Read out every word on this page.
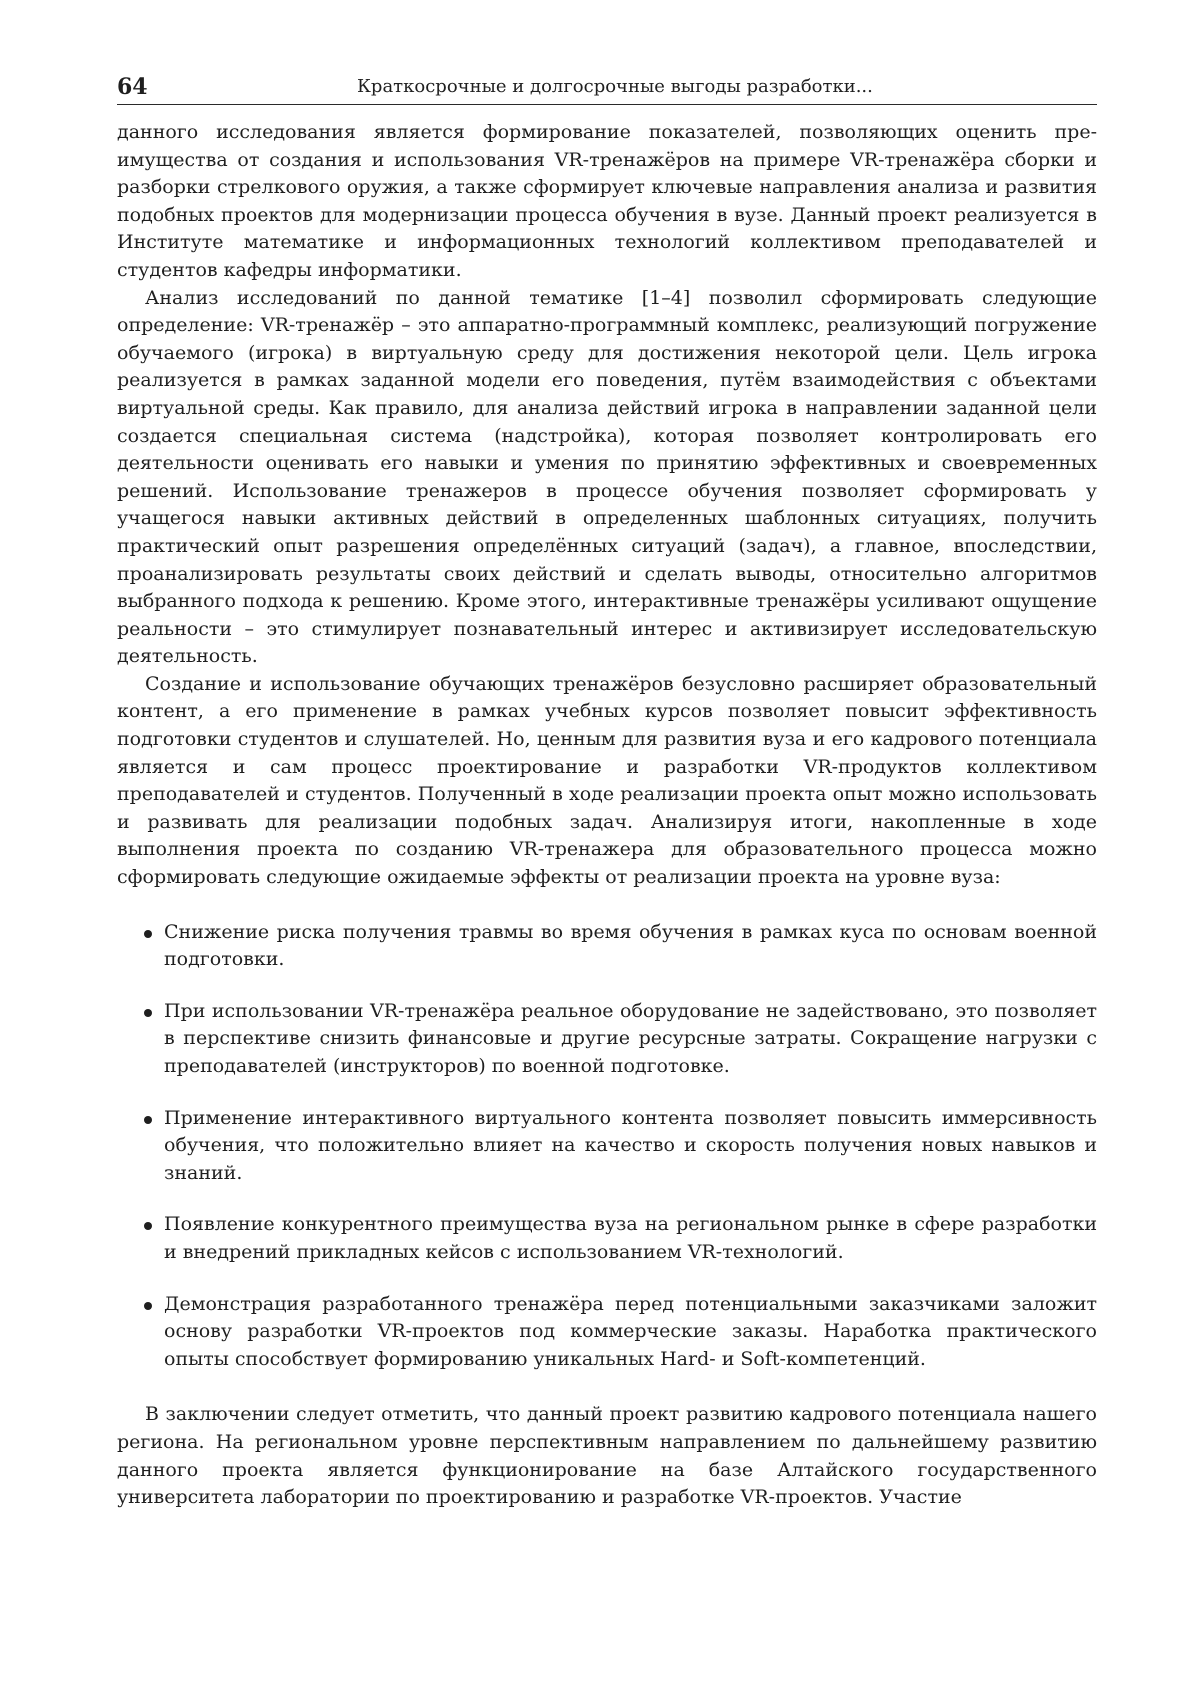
64	Краткосрочные и долгосрочные выгоды разработки...

данного исследования является формирование показателей, позволяющих оценить преимущества от создания и использования VR-тренажёров на примере VR-тренажёра сборки и разборки стрелкового оружия, а также сформирует ключевые направления анализа и развития подобных проектов для модернизации процесса обучения в вузе. Данный проект реализуется в Институте математике и информационных технологий коллективом преподавателей и студентов кафедры информатики.

Анализ исследований по данной тематике [1–4] позволил сформировать следующие определение: VR-тренажёр – это аппаратно-программный комплекс, реализующий погружение обучаемого (игрока) в виртуальную среду для достижения некоторой цели. Цель игрока реализуется в рамках заданной модели его поведения, путём взаимодействия с объектами виртуальной среды. Как правило, для анализа действий игрока в направлении заданной цели создается специальная система (надстройка), которая позволяет контролировать его деятельности оценивать его навыки и умения по принятию эффективных и своевременных решений. Использование тренажеров в процессе обучения позволяет сформировать у учащегося навыки активных действий в определенных шаблонных ситуациях, получить практический опыт разрешения определённых ситуаций (задач), а главное, впоследствии, проанализировать результаты своих действий и сделать выводы, относительно алгоритмов выбранного подхода к решению. Кроме этого, интерактивные тренажёры усиливают ощущение реальности – это стимулирует познавательный интерес и активизирует исследовательскую деятельность.

Создание и использование обучающих тренажёров безусловно расширяет образовательный контент, а его применение в рамках учебных курсов позволяет повысит эффективность подготовки студентов и слушателей. Но, ценным для развития вуза и его кадрового потенциала является и сам процесс проектирование и разработки VR-продуктов коллективом преподавателей и студентов. Полученный в ходе реализации проекта опыт можно использовать и развивать для реализации подобных задач. Анализируя итоги, накопленные в ходе выполнения проекта по созданию VR-тренажера для образовательного процесса можно сформировать следующие ожидаемые эффекты от реализации проекта на уровне вуза:

Снижение риска получения травмы во время обучения в рамках куса по основам военной подготовки.
При использовании VR-тренажёра реальное оборудование не задействовано, это позволяет в перспективе снизить финансовые и другие ресурсные затраты. Сокращение нагрузки с преподавателей (инструкторов) по военной подготовке.
Применение интерактивного виртуального контента позволяет повысить иммерсивность обучения, что положительно влияет на качество и скорость получения новых навыков и знаний.
Появление конкурентного преимущества вуза на региональном рынке в сфере разработки и внедрений прикладных кейсов с использованием VR-технологий.
Демонстрация разработанного тренажёра перед потенциальными заказчиками заложит основу разработки VR-проектов под коммерческие заказы. Наработка практического опыты способствует формированию уникальных Hard- и Soft-компетенций.

В заключении следует отметить, что данный проект развитию кадрового потенциала нашего региона. На региональном уровне перспективным направлением по дальнейшему развитию данного проекта является функционирование на базе Алтайского государственного университета лаборатории по проектированию и разработке VR-проектов. Участие
